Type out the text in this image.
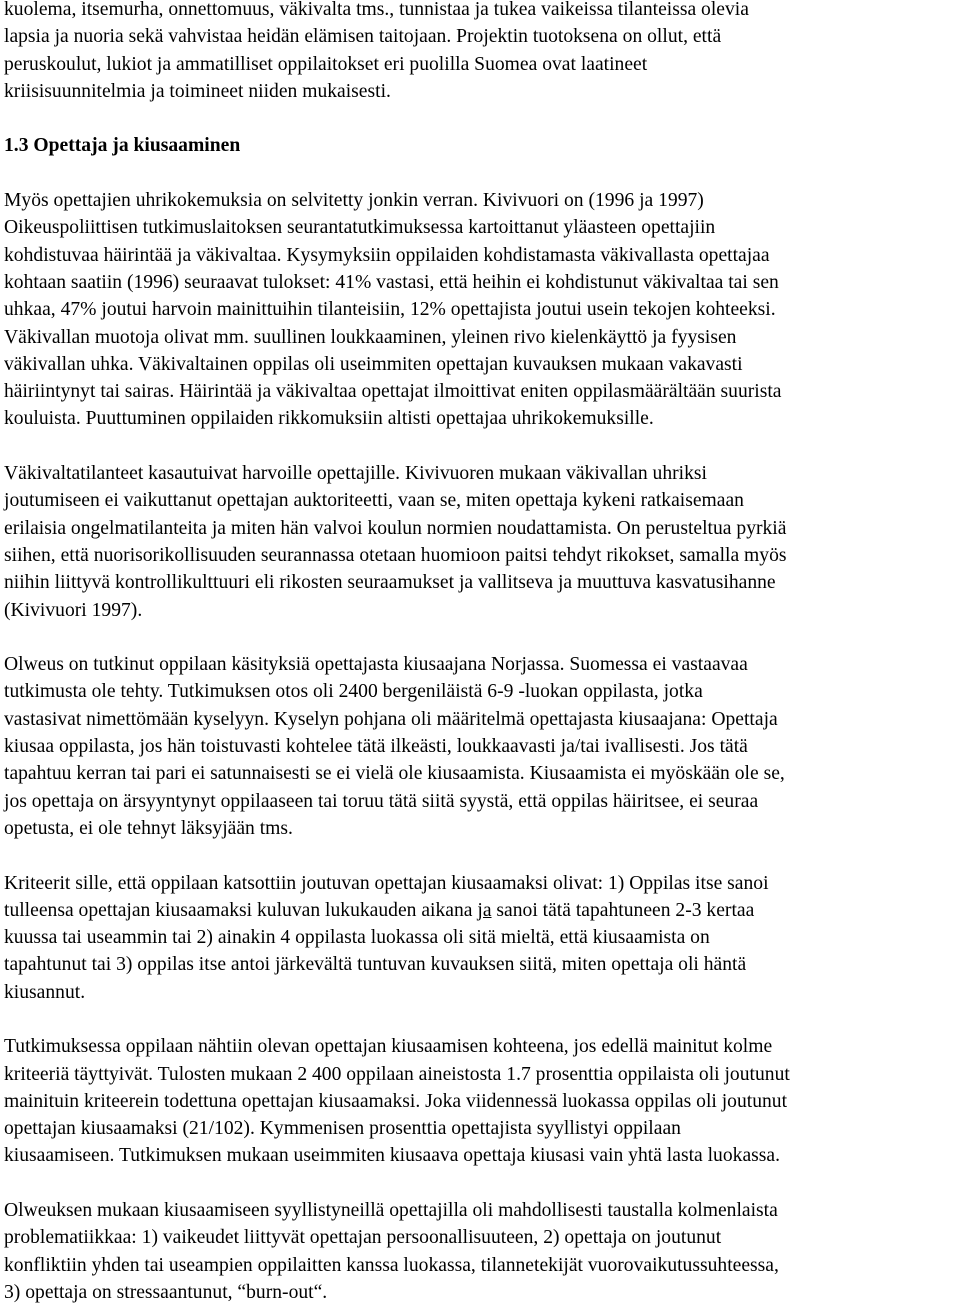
kuolema, itsemurha, onnettomuus, väkivalta tms., tunnistaa ja tukea vaikeissa tilanteissa olevia
lapsia ja nuoria sekä vahvistaa heidän elämisen taitojaan. Projektin tuotoksena on ollut, että
peruskoulut, lukiot ja ammatilliset oppilaitokset eri puolilla Suomea ovat laatineet
kriisisuunnitelmia ja toimineet niiden mukaisesti.
1.3 Opettaja ja kiusaaminen
Myös opettajien uhrikokemuksia on selvitetty jonkin verran. Kivivuori on (1996 ja 1997)
Oikeuspoliittisen tutkimuslaitoksen seurantatutkimuksessa kartoittanut yläasteen opettajiin
kohdistuvaa häirintää ja väkivaltaa. Kysymyksiin oppilaiden kohdistamasta väkivallasta opettajaa
kohtaan saatiin (1996) seuraavat tulokset: 41% vastasi, että heihin ei kohdistunut väkivaltaa tai sen
uhkaa, 47% joutui harvoin mainittuihin tilanteisiin, 12% opettajista joutui usein tekojen kohteeksi.
Väkivallan muotoja olivat mm. suullinen loukkaaminen, yleinen rivo kielenkäyttö ja fyysisen
väkivallan uhka. Väkivaltainen oppilas oli useimmiten opettajan kuvauksen mukaan vakavasti
häiriintynyt tai sairas. Häirintää ja väkivaltaa opettajat ilmoittivat eniten oppilasmäärältään suurista
kouluista. Puuttuminen oppilaiden rikkomuksiin altisti opettajaa uhrikokemuksille.
Väkivaltatilanteet kasautuivat harvoille opettajille. Kivivuoren mukaan väkivallan uhriksi
joutumiseen ei vaikuttanut opettajan auktoriteetti, vaan se, miten opettaja kykeni ratkaisemaan
erilaisia ongelmatilanteita ja miten hän valvoi koulun normien noudattamista. On perusteltua pyrkiä
siihen, että nuorisorikollisuuden seurannassa otetaan huomioon paitsi tehdyt rikokset, samalla myös
niihin liittyvä kontrollikulttuuri eli rikosten seuraamukset ja vallitseva ja muuttuva kasvatusihanne
(Kivivuori 1997).
Olweus on tutkinut oppilaan käsityksiä opettajasta kiusaajana Norjassa. Suomessa ei vastaavaa
tutkimusta ole tehty. Tutkimuksen otos oli 2400 bergeniläistä 6-9 -luokan oppilasta, jotka
vastasivat nimettömään kyselyyn. Kyselyn pohjana oli määritelmä opettajasta kiusaajana: Opettaja
kiusaa oppilasta, jos hän toistuvasti kohtelee tätä ilkeästi, loukkaavasti ja/tai ivallisesti. Jos tätä
tapahtuu kerran tai pari ei satunnaisesti se ei vielä ole kiusaamista. Kiusaamista ei myöskään ole se,
jos opettaja on ärsyyntynyt oppilaaseen tai toruu tätä siitä syystä, että oppilas häiritsee, ei seuraa
opetusta, ei ole tehnyt läksyjään tms.
Kriteerit sille, että oppilaan katsottiin joutuvan opettajan kiusaamaksi olivat: 1) Oppilas itse sanoi
tulleensa opettajan kiusaamaksi kuluvan lukukauden aikana ja sanoi tätä tapahtuneen 2-3 kertaa
kuussa tai useammin tai 2) ainakin 4 oppilasta luokassa oli sitä mieltä, että kiusaamista on
tapahtunut tai 3) oppilas itse antoi järkevältä tuntuvan kuvauksen siitä, miten opettaja oli häntä
kiusannut.
Tutkimuksessa oppilaan nähtiin olevan opettajan kiusaamisen kohteena, jos edellä mainitut kolme
kriteeriä täyttyivät. Tulosten mukaan 2 400 oppilaan aineistosta 1.7 prosenttia oppilaista oli joutunut
mainituin kriteerein todettuna opettajan kiusaamaksi. Joka viidennessä luokassa oppilas oli joutunut
opettajan kiusaamaksi (21/102). Kymmenisen prosenttia opettajista syyllistyi oppilaan
kiusaamiseen. Tutkimuksen mukaan useimmiten kiusaava opettaja kiusasi vain yhtä lasta luokassa.
Olweuksen mukaan kiusaamiseen syyllistyneillä opettajilla oli mahdollisesti taustalla kolmenlaista
problematiikkaa: 1) vaikeudet liittyvät opettajan persoonallisuuteen, 2) opettaja on joutunut
konfliktiin yhden tai useampien oppilaitten kanssa luokassa, tilannetekijät vuorovaikutussuhteessa,
3) opettaja on stressaantunut, “burn-out“.
